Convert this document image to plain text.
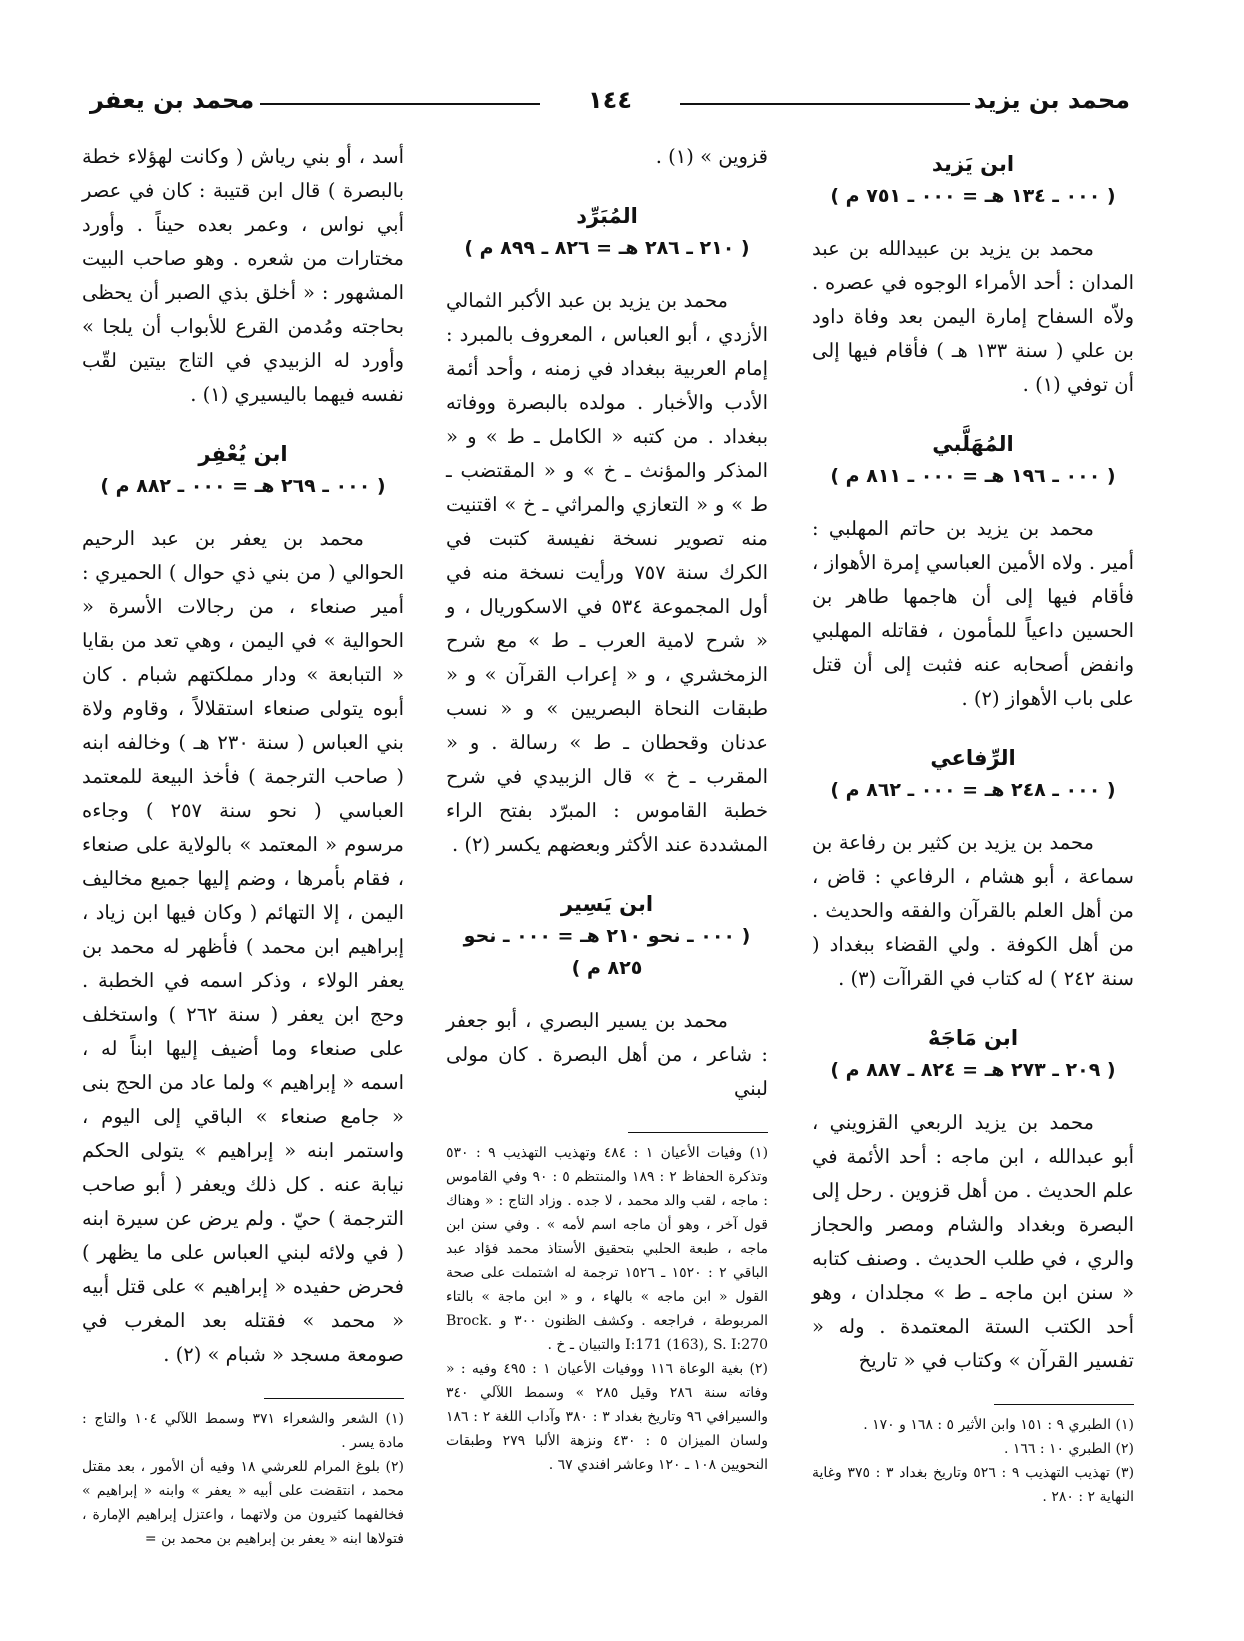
محمد بن يزيد
١٤٤
محمد بن يعفر
ابن يَزيد
( ٠٠٠ ـ ١٣٤ هـ = ٠٠٠ ـ ٧٥١ م )

محمد بن يزيد بن عبيدالله بن عبد المدان : أحد الأمراء الوجوه في عصره . ولاّه السفاح إمارة اليمن بعد وفاة داود بن علي ( سنة ١٣٣ هـ ) فأقام فيها إلى أن توفي (١) .

المُهَلَّبي
( ٠٠٠ ـ ١٩٦ هـ = ٠٠٠ ـ ٨١١ م )

محمد بن يزيد بن حاتم المهلبي : أمير . ولاه الأمين العباسي إمرة الأهواز ، فأقام فيها إلى أن هاجمها طاهر بن الحسين داعياً للمأمون ، فقاتله المهلبي وانفض أصحابه عنه فثبت إلى أن قتل على باب الأهواز (٢) .

الرِّفاعي
( ٠٠٠ ـ ٢٤٨ هـ = ٠٠٠ ـ ٨٦٢ م )

محمد بن يزيد بن كثير بن رفاعة بن سماعة ، أبو هشام ، الرفاعي : قاض ، من أهل العلم بالقرآن والفقه والحديث . من أهل الكوفة . ولي القضاء ببغداد ( سنة ٢٤٢ ) له كتاب في القراآت (٣) .

ابن مَاجَهْ
( ٢٠٩ ـ ٢٧٣ هـ = ٨٢٤ ـ ٨٨٧ م )

محمد بن يزيد الربعي القزويني ، أبو عبدالله ، ابن ماجه : أحد الأئمة في علم الحديث . من أهل قزوين . رحل إلى البصرة وبغداد والشام ومصر والحجاز والري ، في طلب الحديث . وصنف كتابه « سنن ابن ماجه ـ ط » مجلدان ، وهو أحد الكتب الستة المعتمدة . وله « تفسير القرآن » وكتاب في « تاريخ

(١) الطبري ٩ : ١٥١ وابن الأثير ٥ : ١٦٨ و ١٧٠ .

(٢) الطبري ١٠ : ١٦٦ .

(٣) تهذيب التهذيب ٩ : ٥٢٦ وتاريخ بغداد ٣ : ٣٧٥ وغاية النهاية ٢ : ٢٨٠ .

قزوين » (١) .

المُبَرِّد
( ٢١٠ ـ ٢٨٦ هـ = ٨٢٦ ـ ٨٩٩ م )

محمد بن يزيد بن عبد الأكبر الثمالي الأزدي ، أبو العباس ، المعروف بالمبرد : إمام العربية ببغداد في زمنه ، وأحد أئمة الأدب والأخبار . مولده بالبصرة ووفاته ببغداد . من كتبه « الكامل ـ ط » و « المذكر والمؤنث ـ خ » و « المقتضب ـ ط » و « التعازي والمراثي ـ خ » اقتنيت منه تصوير نسخة نفيسة كتبت في الكرك سنة ٧٥٧ ورأيت نسخة منه في أول المجموعة ٥٣٤ في الاسكوريال ، و « شرح لامية العرب ـ ط » مع شرح الزمخشري ، و « إعراب القرآن » و « طبقات النحاة البصريين » و « نسب عدنان وقحطان ـ ط » رسالة . و « المقرب ـ خ » قال الزبيدي في شرح خطبة القاموس : المبرّد بفتح الراء المشددة عند الأكثر وبعضهم يكسر (٢) .

ابن يَسِير
( ٠٠٠ ـ نحو ٢١٠ هـ = ٠٠٠ ـ نحو ٨٢٥ م )

محمد بن يسير البصري ، أبو جعفر : شاعر ، من أهل البصرة . كان مولى لبني

(١) وفيات الأعيان ١ : ٤٨٤ وتهذيب التهذيب ٩ : ٥٣٠ وتذكرة الحفاظ ٢ : ١٨٩ والمنتظم ٥ : ٩٠ وفي القاموس : ماجه ، لقب والد محمد ، لا جده . وزاد التاج : « وهناك قول آخر ، وهو أن ماجه اسم لأمه » . وفي سنن ابن ماجه ، طبعة الحلبي بتحقيق الأستاذ محمد فؤاد عبد الباقي ٢ : ١٥٢٠ ـ ١٥٢٦ ترجمة له اشتملت على صحة القول « ابن ماجه » بالهاء ، و « ابن ماجة » بالتاء المربوطة ، فراجعه . وكشف الظنون ٣٠٠ و Brock. I:171 (163), S. I:270 والتبيان ـ خ .

(٢) بغية الوعاة ١١٦ ووفيات الأعيان ١ : ٤٩٥ وفيه : « وفاته سنة ٢٨٦ وقيل ٢٨٥ » وسمط اللآلي ٣٤٠ والسيرافي ٩٦ وتاريخ بغداد ٣ : ٣٨٠ وآداب اللغة ٢ : ١٨٦ ولسان الميزان ٥ : ٤٣٠ ونزهة الألبا ٢٧٩ وطبقات النحويين ١٠٨ ـ ١٢٠ وعاشر افندي ٦٧ .

أسد ، أو بني رياش ( وكانت لهؤلاء خطة بالبصرة ) قال ابن قتيبة : كان في عصر أبي نواس ، وعمر بعده حيناً . وأورد مختارات من شعره . وهو صاحب البيت المشهور : « أخلق بذي الصبر أن يحظى بحاجته ومُدمن القرع للأبواب أن يلجا » وأورد له الزبيدي في التاج بيتين لقّب نفسه فيهما باليسيري (١) .

ابن يُعْفِر
( ٠٠٠ ـ ٢٦٩ هـ = ٠٠٠ ـ ٨٨٢ م )

محمد بن يعفر بن عبد الرحيم الحوالي ( من بني ذي حوال ) الحميري : أمير صنعاء ، من رجالات الأسرة « الحوالية » في اليمن ، وهي تعد من بقايا « التبابعة » ودار مملكتهم شبام . كان أبوه يتولى صنعاء استقلالاً ، وقاوم ولاة بني العباس ( سنة ٢٣٠ هـ ) وخالفه ابنه ( صاحب الترجمة ) فأخذ البيعة للمعتمد العباسي ( نحو سنة ٢٥٧ ) وجاءه مرسوم « المعتمد » بالولاية على صنعاء ، فقام بأمرها ، وضم إليها جميع مخاليف اليمن ، إلا التهائم ( وكان فيها ابن زياد ، إبراهيم ابن محمد ) فأظهر له محمد بن يعفر الولاء ، وذكر اسمه في الخطبة . وحج ابن يعفر ( سنة ٢٦٢ ) واستخلف على صنعاء وما أضيف إليها ابناً له ، اسمه « إبراهيم » ولما عاد من الحج بنى « جامع صنعاء » الباقي إلى اليوم ، واستمر ابنه « إبراهيم » يتولى الحكم نيابة عنه . كل ذلك ويعفر ( أبو صاحب الترجمة ) حيّ . ولم يرض عن سيرة ابنه ( في ولائه لبني العباس على ما يظهر ) فحرض حفيده « إبراهيم » على قتل أبيه « محمد » فقتله بعد المغرب في صومعة مسجد « شبام » (٢) .

(١) الشعر والشعراء ٣٧١ وسمط اللآلي ١٠٤ والتاج : مادة يسر .

(٢) بلوغ المرام للعرشي ١٨ وفيه أن الأمور ، بعد مقتل محمد ، انتقضت على أبيه « يعفر » وابنه « إبراهيم » فخالفهما كثيرون من ولاتهما ، واعتزل إبراهيم الإمارة ، فتولاها ابنه « يعفر بن إبراهيم بن محمد بن =
